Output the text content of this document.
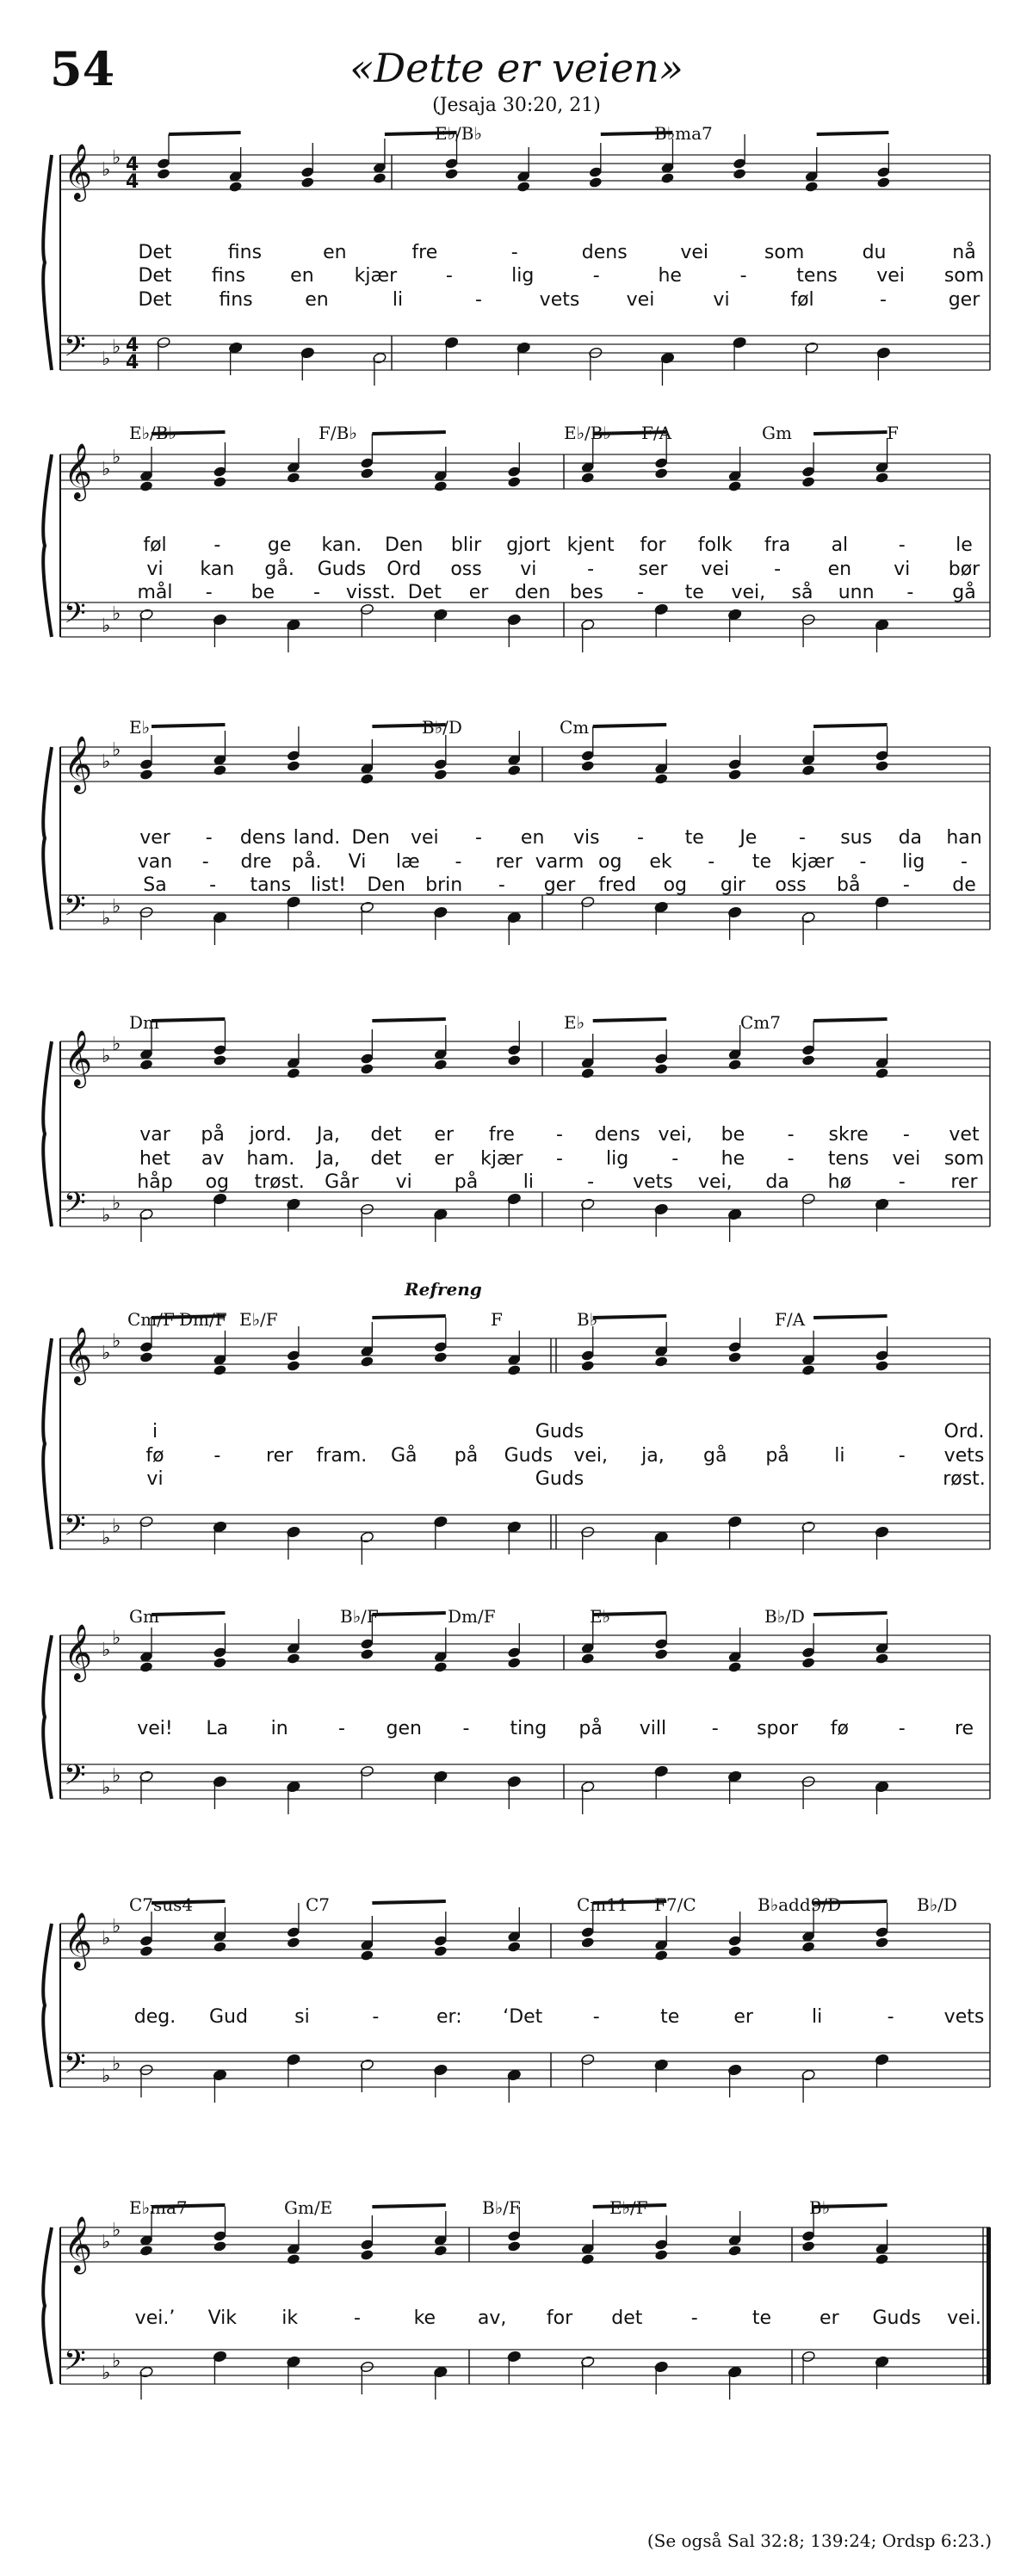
54	«Dette er veien»
(Jesaja 30:20, 21)
𝄞
𝄢
♭
♭
♭
♭
4
4
4
4
E♭/B♭	B♭ma7
Det	fins	en	fre	-	dens	vei	som	du	nå
Det fins en kjær	-	lig	-	he	-	tens vei som
Det fins	en	li	-	vets vei	vi	føl	-	ger
𝄞
𝄢
♭
♭
♭
♭
E♭/B♭	F/B♭	E♭/B♭ F/A	Gm	F
føl - ge kan. Den blir gjort kjent for folk fra al	-	le
vi kan gå. Guds Ord oss vi	- ser vei - en vi bør
mål - be - visst. Det er den bes - te vei, så unn - gå
𝄞
𝄢
♭
♭
♭
♭
E♭	B♭/D	Cm
ver - dens land. Den vei - en vis - te Je - sus da han
van - dre på. Vi læ - rer varm og ek - te kjær - lig -
Sa - tans list! Den brin - ger fred og gir oss bå - de
𝄞
𝄢
♭
♭
♭
♭
Dm	E♭	Cm7
var på jord. Ja, det er fre - dens vei, be - skre - vet
het av ham. Ja, det er kjær - lig - he - tens vei som
håp og trøst. Går vi på li	- vets vei, da hø - rer
𝄞
𝄢
♭
♭
♭
♭
Cm/F Dm/F E♭/F	F	B♭	F/A
i	Guds	Ord.
fø	- rer fram. Gå på Guds vei, ja, gå på li	- vets
vi	Guds	røst.
𝄞
𝄢
♭
♭
♭
♭
Gm	B♭/F	Dm/F	E♭	B♭/D
vei! La in	- gen - ting på vill - spor fø	-	re
𝄞
𝄢
♭
♭
♭
♭
C7sus4	C7	Cm11 F7/C	B♭add9/D	B♭/D
deg. Gud si	-	er: ‘Det	-	te	er	li	-	vets
𝄞
𝄢
♭
♭
♭
♭
E♭ma7	Gm/E	B♭/F	E♭/F	B♭
vei.’ Vik ik	-	ke av, for det	-	te	er Guds vei.
Refreng
(Se også Sal 32:8; 139:24; Ordsp 6:23.)
